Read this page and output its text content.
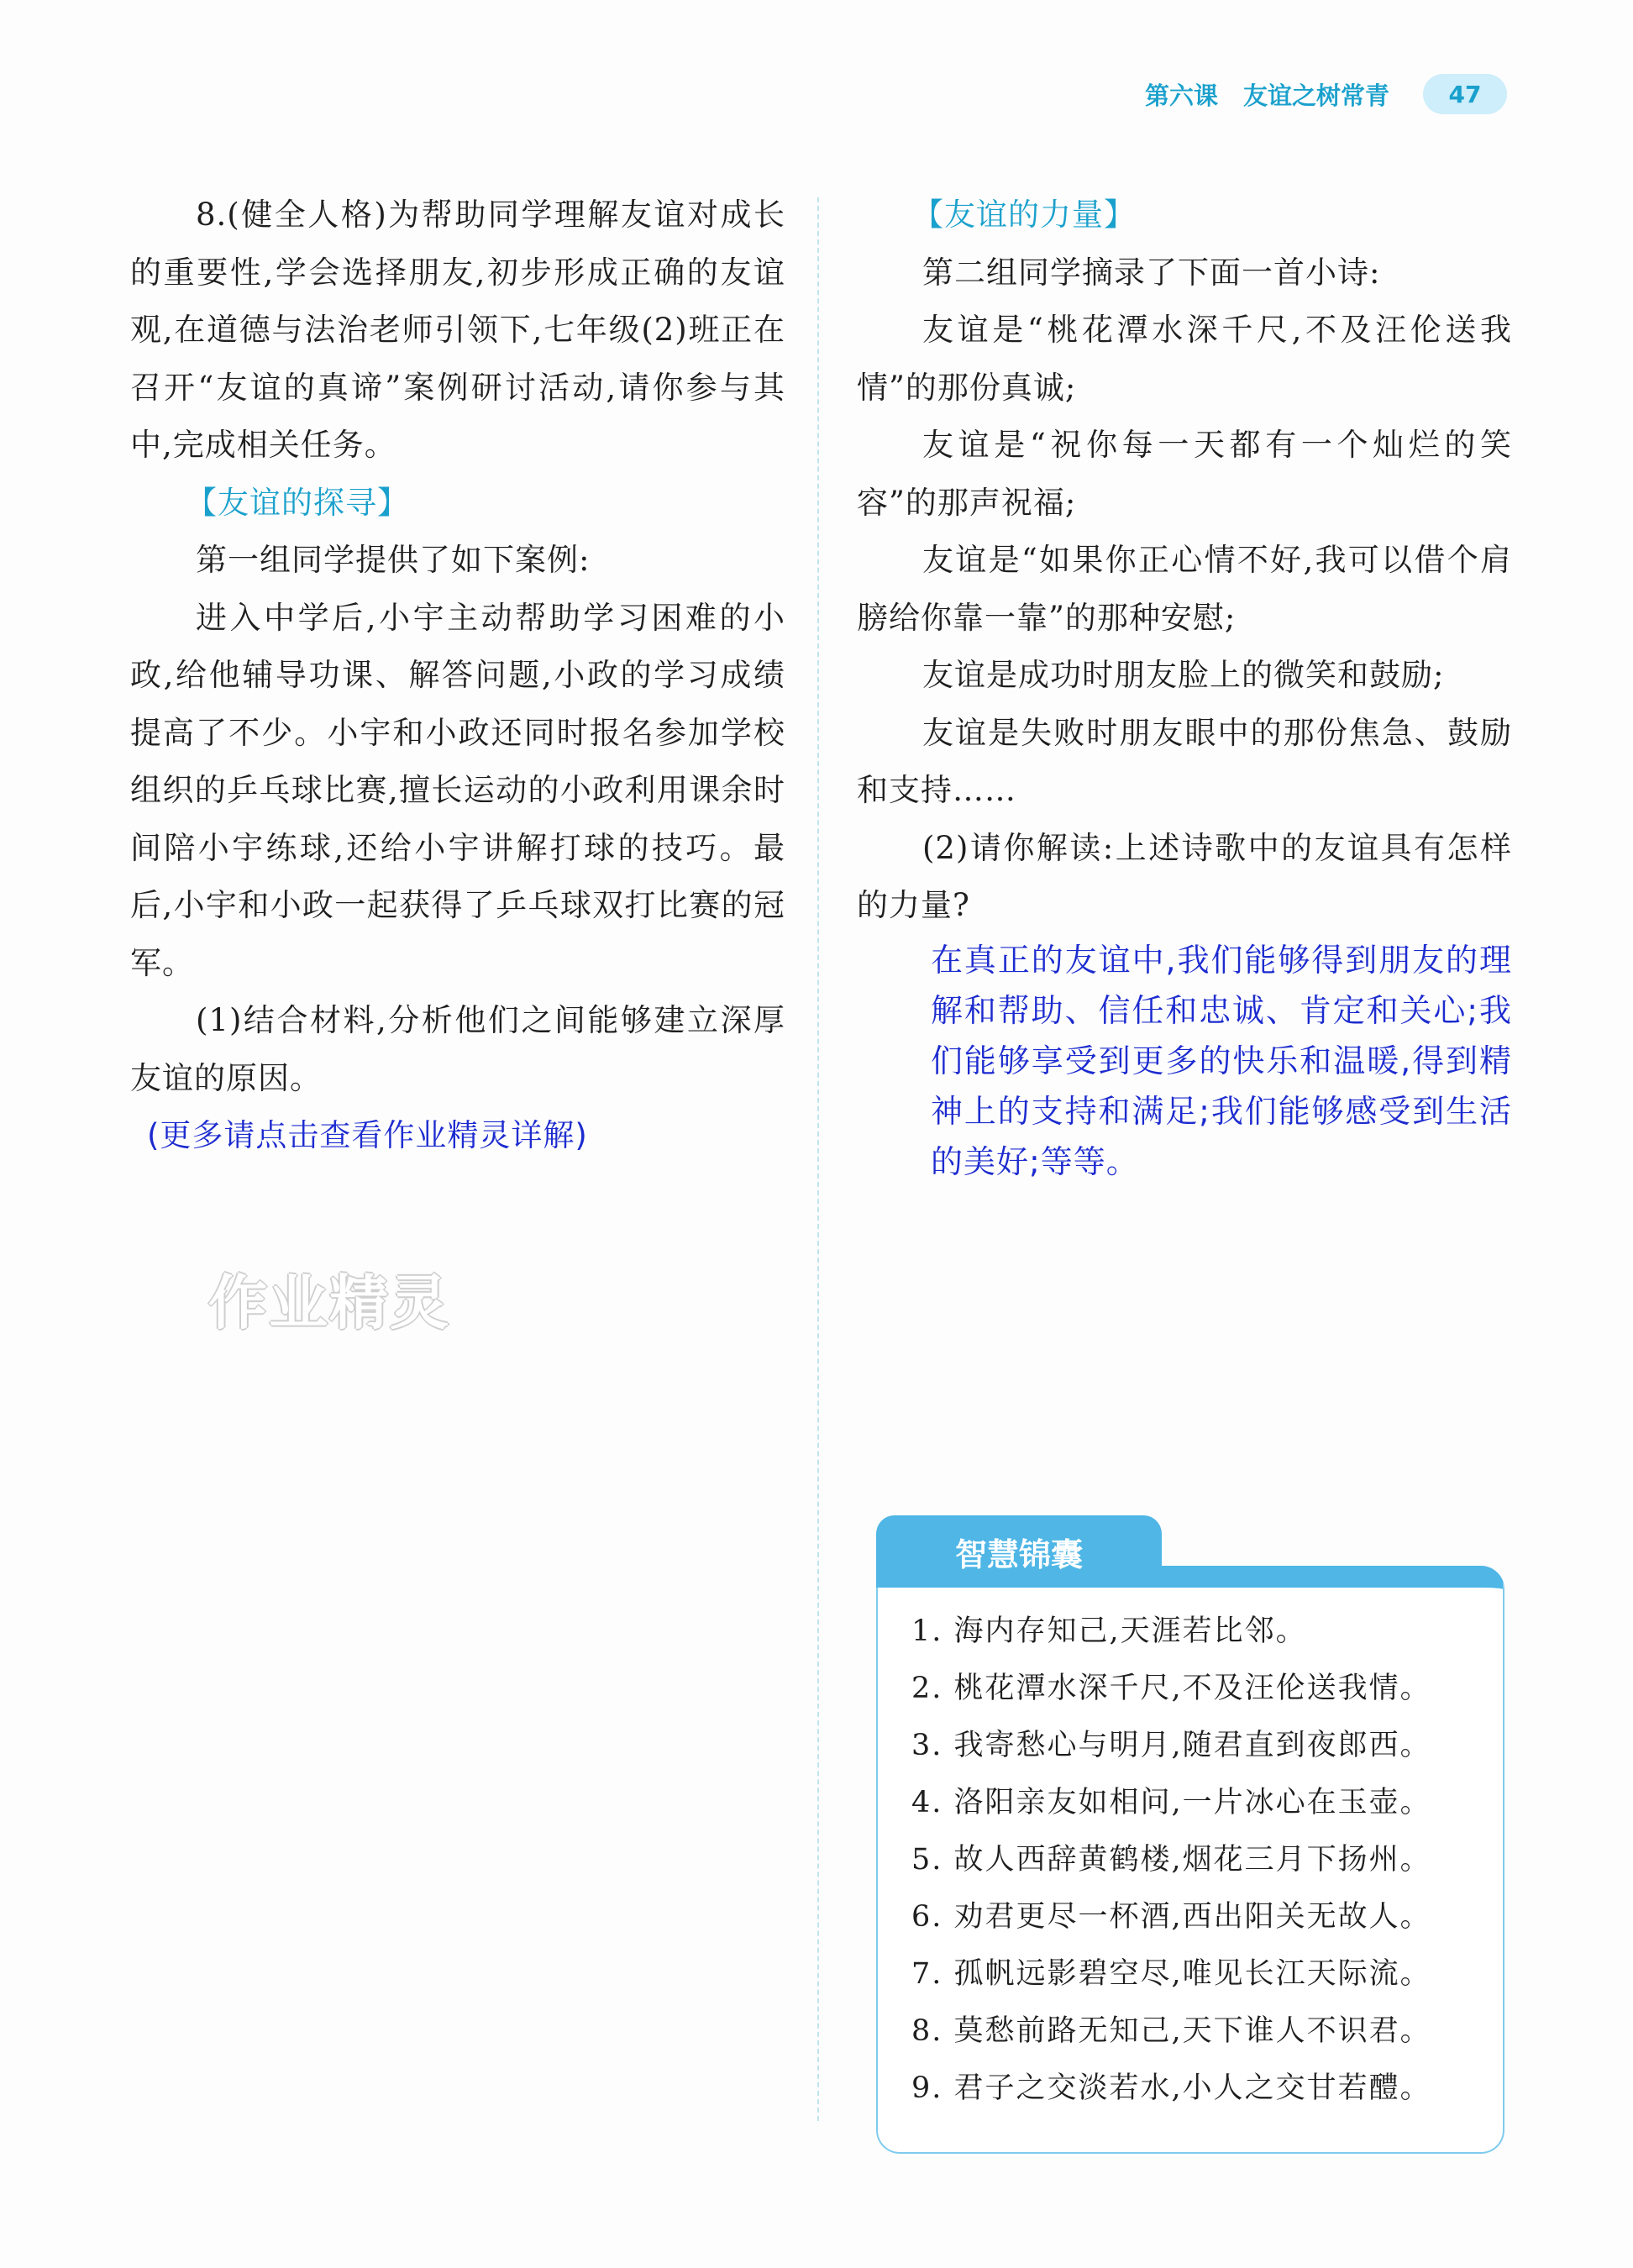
第六课 友谊之树常青	47

8.(健全人格)为帮助同学理解友谊对成长的重要性,学会选择朋友,初步形成正确的友谊观,在道德与法治老师引领下,七年级(2)班正在召开“友谊的真谛”案例研讨活动,请你参与其中,完成相关任务。

【友谊的探寻】

第一组同学提供了如下案例:

进入中学后,小宇主动帮助学习困难的小政,给他辅导功课、解答问题,小政的学习成绩提高了不少。小宇和小政还同时报名参加学校组织的乒乓球比赛,擅长运动的小政利用课余时间陪小宇练球,还给小宇讲解打球的技巧。最后,小宇和小政一起获得了乒乓球双打比赛的冠军。

(1)结合材料,分析他们之间能够建立深厚友谊的原因。

(更多请点击查看作业精灵详解)

作业精灵

【友谊的力量】

第二组同学摘录了下面一首小诗:

友谊是“桃花潭水深千尺,不及汪伦送我情”的那份真诚;

友谊是“祝你每一天都有一个灿烂的笑容”的那声祝福;

友谊是“如果你正心情不好,我可以借个肩膀给你靠一靠”的那种安慰;

友谊是成功时朋友脸上的微笑和鼓励;

友谊是失败时朋友眼中的那份焦急、鼓励和支持……

(2)请你解读:上述诗歌中的友谊具有怎样的力量?

在真正的友谊中,我们能够得到朋友的理解和帮助、信任和忠诚、肯定和关心;我们能够享受到更多的快乐和温暖,得到精神上的支持和满足;我们能够感受到生活的美好;等等。

1. 海内存知己,天涯若比邻。
2. 桃花潭水深千尺,不及汪伦送我情。
3. 我寄愁心与明月,随君直到夜郎西。
4. 洛阳亲友如相问,一片冰心在玉壶。
5. 故人西辞黄鹤楼,烟花三月下扬州。
6. 劝君更尽一杯酒,西出阳关无故人。
7. 孤帆远影碧空尽,唯见长江天际流。
8. 莫愁前路无知己,天下谁人不识君。
9. 君子之交淡若水,小人之交甘若醴。
智慧锦囊
